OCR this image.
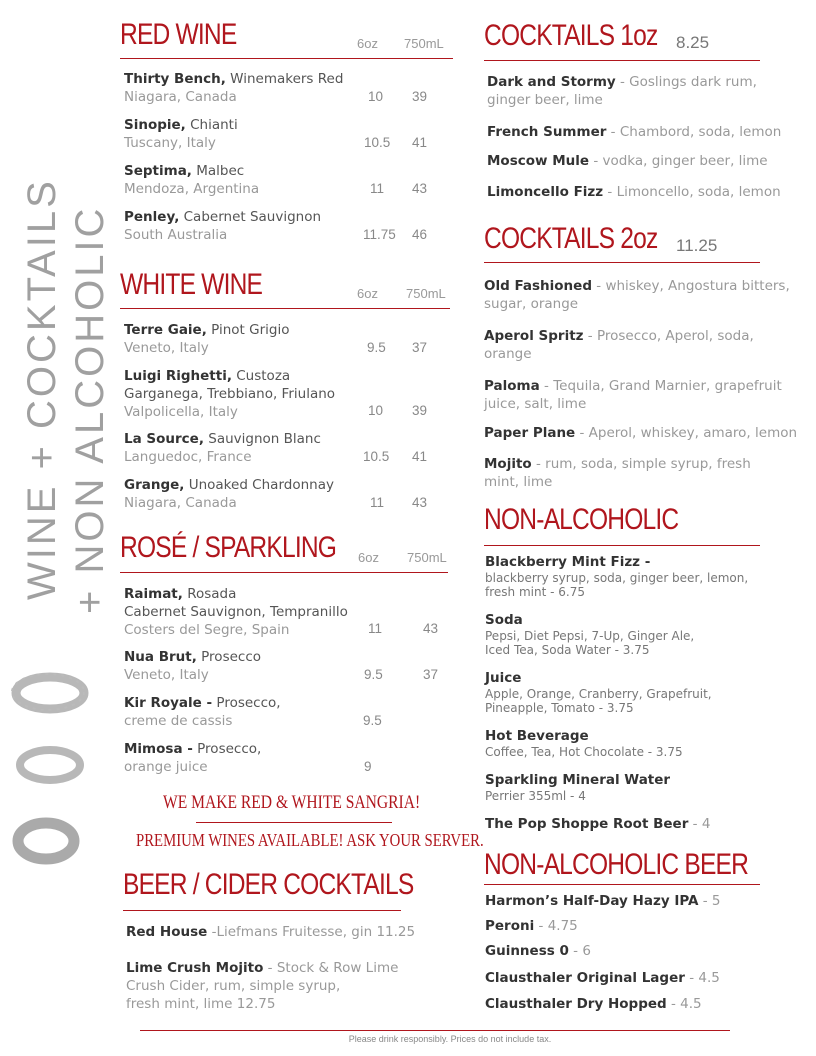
WINE + COCKTAILS + NON ALCOHOLIC
RED WINE	6oz 750mL
Thirty Bench, Winemakers Red
Niagara, Canada	10 39
Sinopie, Chianti
Tuscany, Italy	10.5 41
Septima, Malbec
Mendoza, Argentina	11 43
Penley, Cabernet Sauvignon
South Australia	11.75 46
WHITE WINE	6oz 750mL
Terre Gaie, Pinot Grigio
Veneto, Italy	9.5 37
Luigi Righetti, Custoza
Garganega, Trebbiano, Friulano
Valpolicella, Italy	10 39
La Source, Sauvignon Blanc
Languedoc, France	10.5 41
Grange, Unoaked Chardonnay
Niagara, Canada	11 43
ROSÉ / SPARKLING 6oz 750mL
Raimat, Rosada
Cabernet Sauvignon, Tempranillo
Costers del Segre, Spain	11	43
Nua Brut, Prosecco
Veneto, Italy	9.5	37
Kir Royale - Prosecco,
creme de cassis	9.5
Mimosa - Prosecco,
orange juice	9
WE MAKE RED & WHITE SANGRIA!
PREMIUM WINES AVAILABLE! ASK YOUR SERVER.
BEER / CIDER COCKTAILS
Red House -Liefmans Fruitesse, gin 11.25
Lime Crush Mojito - Stock & Row Lime
Crush Cider, rum, simple syrup,
fresh mint, lime 12.75
COCKTAILS 1oz 8.25
Dark and Stormy - Goslings dark rum,
ginger beer, lime
French Summer - Chambord, soda, lemon
Moscow Mule - vodka, ginger beer, lime
Limoncello Fizz - Limoncello, soda, lemon
COCKTAILS 2oz 11.25
Old Fashioned - whiskey, Angostura bitters,
sugar, orange
Aperol Spritz - Prosecco, Aperol, soda,
orange
Paloma - Tequila, Grand Marnier, grapefruit
juice, salt, lime
Paper Plane - Aperol, whiskey, amaro, lemon
Mojito - rum, soda, simple syrup, fresh
mint, lime
NON-ALCOHOLIC
Blackberry Mint Fizz -

blackberry syrup, soda, ginger beer, lemon,
fresh mint - 6.75
Soda

Pepsi, Diet Pepsi, 7-Up, Ginger Ale,
Iced Tea, Soda Water - 3.75
Juice

Apple, Orange, Cranberry, Grapefruit,
Pineapple, Tomato - 3.75
Hot Beverage

Coffee, Tea, Hot Chocolate - 3.75
Sparkling Mineral Water

Perrier 355ml - 4
The Pop Shoppe Root Beer - 4
NON-ALCOHOLIC BEER
Harmon’s Half-Day Hazy IPA - 5
Peroni - 4.75
Guinness 0 - 6
Clausthaler Original Lager - 4.5
Clausthaler Dry Hopped - 4.5
Please drink responsibly. Prices do not include tax.
